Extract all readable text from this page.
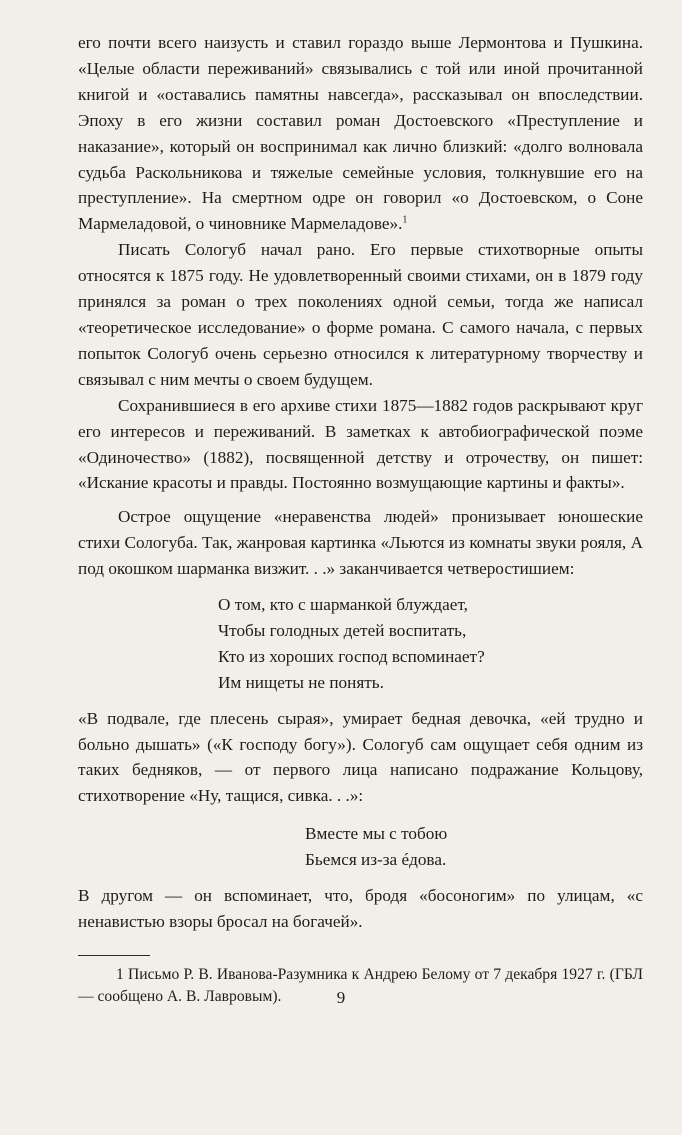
его почти всего наизусть и ставил гораздо выше Лермонтова и Пушкина. «Целые области переживаний» связывались с той или иной прочитанной книгой и «оставались памятны навсегда», рассказывал он впоследствии. Эпоху в его жизни составил роман Достоевского «Преступление и наказание», который он воспринимал как лично близкий: «долго волновала судьба Раскольникова и тяжелые семейные условия, толкнувшие его на преступление». На смертном одре он говорил «о Достоевском, о Соне Мармеладовой, о чиновнике Мармеладове».$^1$

Писать Сологуб начал рано. Его первые стихотворные опыты относятся к 1875 году. Не удовлетворенный своими стихами, он в 1879 году принялся за роман о трех поколениях одной семьи, тогда же написал «теоретическое исследование» о форме романа. С самого начала, с первых попыток Сологуб очень серьезно относился к литературному творчеству и связывал с ним мечты о своем будущем.

Сохранившиеся в его архиве стихи 1875—1882 годов раскрывают круг его интересов и переживаний. В заметках к автобиографической поэме «Одиночество» (1882), посвященной детству и отрочеству, он пишет: «Искание красоты и правды. Постоянно возмущающие картины и факты».

Острое ощущение «неравенства людей» пронизывает юношеские стихи Сологуба. Так, жанровая картинка «Льются из комнаты звуки рояля, А под окошком шарманка визжит. . .» заканчивается четверостишием:

О том, кто с шарманкой блуждает,
Чтобы голодных детей воспитать,
Кто из хороших господ вспоминает?
Им нищеты не понять.

«В подвале, где плесень сырая», умирает бедная девочка, «ей трудно и больно дышать» («К господу богу»). Сологуб сам ощущает себя одним из таких бедняков, — от первого лица написано подражание Кольцову, стихотворение «Ну, тащися, сивка. . .»:

Вместе мы с тобою
Бьемся из-за éдова.

В другом — он вспоминает, что, бродя «босоногим» по улицам, «с ненавистью взоры бросал на богачей».

1 Письмо Р. В. Иванова-Разумника к Андрею Белому от 7 декабря 1927 г. (ГБЛ — сообщено А. В. Лавровым).	9
